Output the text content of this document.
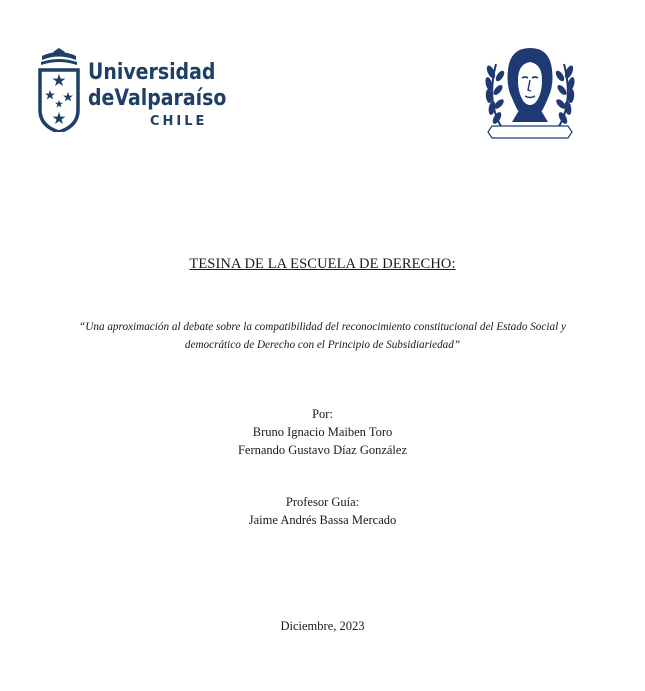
Universidad
deValparaíso
CHILE
TESINA DE LA ESCUELA DE DERECHO:
“Una aproximación al debate sobre la compatibilidad del reconocimiento constitucional del Estado Social y
democrático de Derecho con el Principio de Subsidiariedad”
Por:
Bruno Ignacio Maiben Toro
Fernando Gustavo Díaz González
Profesor Guía:
Jaime Andrés Bassa Mercado
Diciembre, 2023
